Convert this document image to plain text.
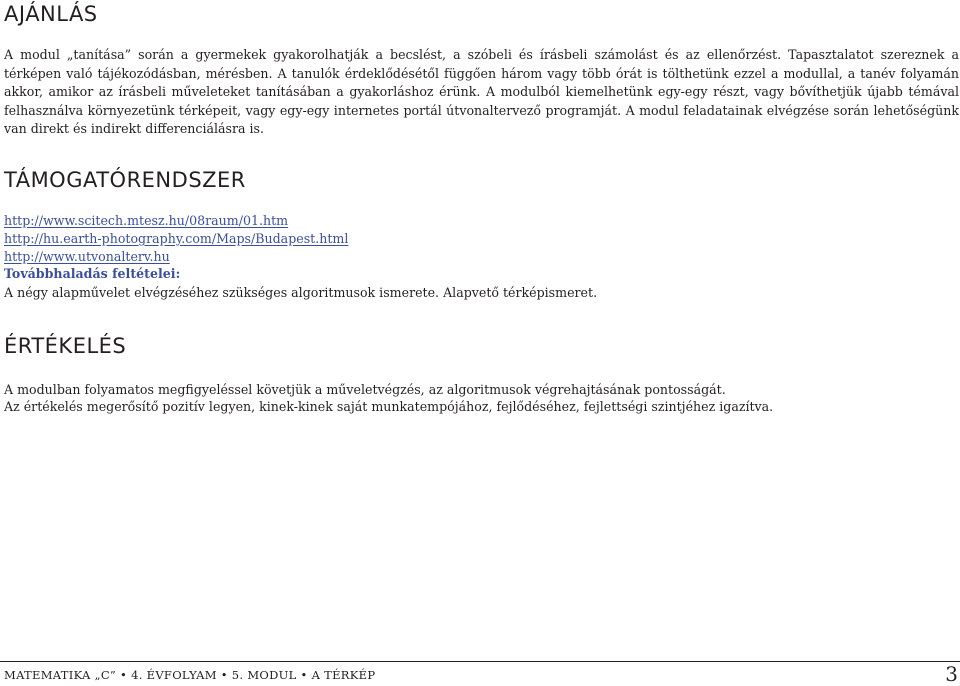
AJÁNLÁS

A modul „tanítása” során a gyermekek gyakorolhatják a becslést, a szóbeli és írásbeli számolást és az ellenőrzést. Tapasztalatot szereznek a térképen való tájékozódásban, mérésben. A tanulók érdeklődésétől függően három vagy több órát is tölthetünk ezzel a modullal, a tanév folyamán akkor, amikor az írásbeli műveleteket tanításában a gyakorláshoz érünk. A modulból kiemelhetünk egy-egy részt, vagy bővíthetjük újabb témával felhasználva környezetünk térképeit, vagy egy-egy internetes portál útvonaltervező programját. A modul feladatainak elvégzése során lehetőségünk van direkt és indirekt differenciálásra is.

TÁMOGATÓRENDSZER
http://www.scitech.mtesz.hu/08raum/01.htm
http://hu.earth-photography.com/Maps/Budapest.html
http://www.utvonalterv.hu

Továbbhaladás feltételei:

A négy alapművelet elvégzéséhez szükséges algoritmusok ismerete. Alapvető térképismeret.

ÉRTÉKELÉS

A modulban folyamatos megfigyeléssel követjük a műveletvégzés, az algoritmusok végrehajtásának pontosságát.

Az értékelés megerősítő pozitív legyen, kinek-kinek saját munkatempójához, fejlődéséhez, fejlettségi szintjéhez igazítva.

MATEMATIKA „C” • 4. ÉVFOLYAM • 5. MODUL • A TÉRKÉP	3
